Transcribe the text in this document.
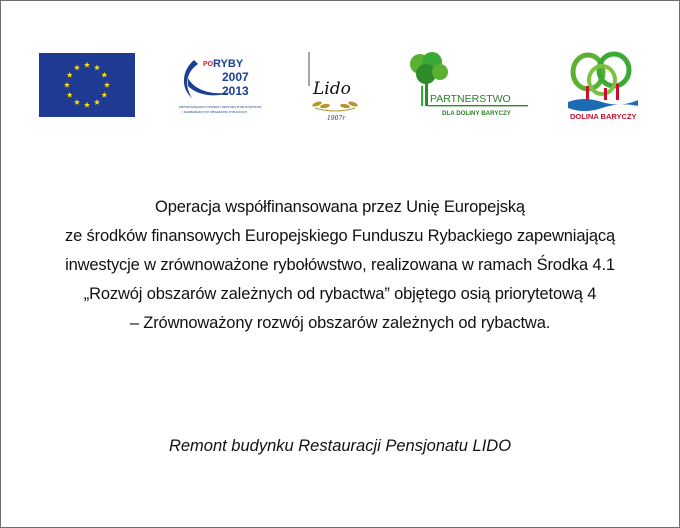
PO RYBY
2007
2013
ZRÓWNOWAŻONY ROZWÓJ SEKTORA RYBOŁÓWSTWA
I NADBRZEŻNYCH OBSZARÓW RYBACKICH
Lido
1907r
PARTNERSTWO
DLA DOLINY BARYCZY	DOLINA BARYCZY
Operacja współfinansowana przez Unię Europejską
ze środków finansowych Europejskiego Funduszu Rybackiego zapewniającą
inwestycje w zrównoważone rybołówstwo, realizowana w ramach Środka 4.1
„Rozwój obszarów zależnych od rybactwa” objętego osią priorytetową 4
– Zrównoważony rozwój obszarów zależnych od rybactwa.
Remont budynku Restauracji Pensjonatu LIDO
